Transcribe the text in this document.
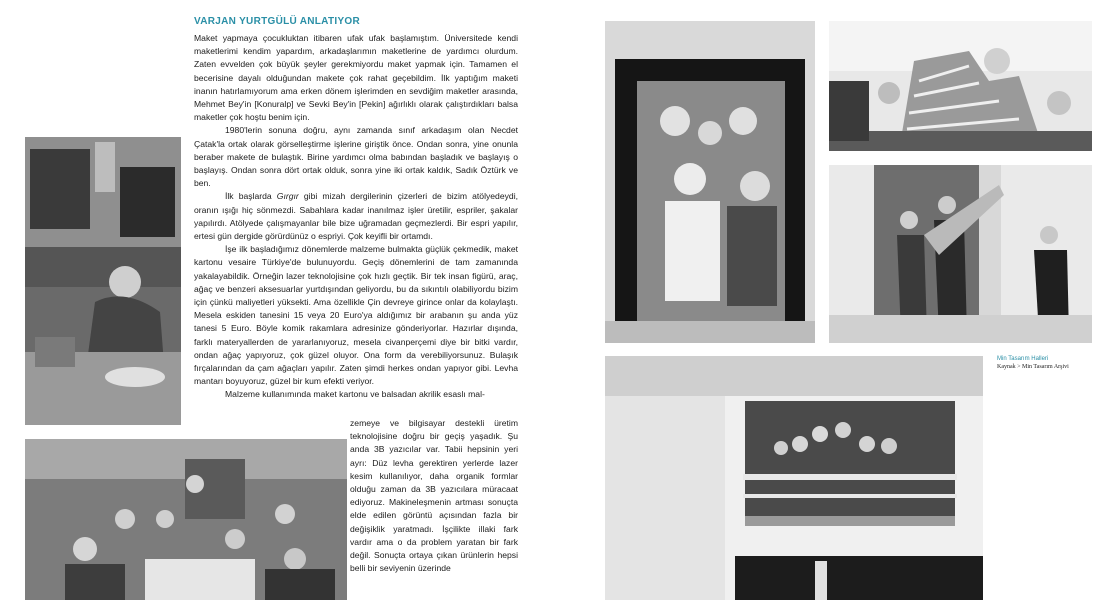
VARJAN YURTGÜLÜ ANLATIYOR

Maket yapmaya çocukluktan itibaren ufak ufak başlamıştım. Üniversitede kendi maketlerimi kendim yapardım, arkadaşlarımın maketlerine de yardımcı olurdum. Zaten evvelden çok büyük şeyler gerekmiyordu maket yapmak için. Tamamen el becerisine dayalı olduğundan makete çok rahat geçebildim. İlk yaptığım maketi inanın hatırlamıyorum ama erken dönem işlerimden en sevdiğim maketler arasında, Mehmet Bey'in [Konuralp] ve Sevki Bey'in [Pekin] ağırlıklı olarak çalıştırdıkları balsa maketler çok hoştu benim için.

1980'lerin sonuna doğru, aynı zamanda sınıf arkadaşım olan Necdet Çatak'la ortak olarak görselleştirme işlerine giriştik önce. Ondan sonra, yine onunla beraber makete de bulaştık. Birine yardımcı olma babından başladık ve başlayış o başlayış. Ondan sonra dört ortak olduk, sonra yine iki ortak kaldık, Sadık Öztürk ve ben.

İlk başlarda Gırgır gibi mizah dergilerinin çizerleri de bizim atölyedeydi, oranın ışığı hiç sönmezdi. Sabahlara kadar inanılmaz işler üretilir, espriler, şakalar yapılırdı. Atölyede çalışmayanlar bile bize uğramadan geçmezlerdi. Bir espri yapılır, ertesi gün dergide görürdünüz o espriyi. Çok keyifli bir ortamdı.

İşe ilk başladığımız dönemlerde malzeme bulmakta güçlük çekmedik, maket kartonu vesaire Türkiye'de bulunuyordu. Geçiş dönemlerini de tam zamanında yakalayabildik. Örneğin lazer teknolojisine çok hızlı geçtik. Bir tek insan figürü, araç, ağaç ve benzeri aksesuarlar yurtdışından geliyordu, bu da sıkıntılı olabiliyordu bizim için çünkü maliyetleri yüksekti. Ama özellikle Çin devreye girince onlar da kolaylaştı. Mesela eskiden tanesini 15 veya 20 Euro'ya aldığımız bir arabanın şu anda yüz tanesi 5 Euro. Böyle komik rakamlara adresinize gönderiyorlar. Hazırlar dışında, farklı materyallerden de yararlanıyoruz, mesela civanperçemi diye bir bitki vardır, ondan ağaç yapıyoruz, çok güzel oluyor. Ona form da verebiliyorsunuz. Bulaşık fırçalarından da çam ağaçları yapılır. Zaten şimdi herkes ondan yapıyor gibi. Levha mantarı boyuyoruz, güzel bir kum efekti veriyor.

Malzeme kullanımında maket kartonu ve balsadan akrilik esaslı mal-

zemeye ve bilgisayar destekli üretim teknolojisine doğru bir geçiş yaşadık. Şu anda 3B yazıcılar var. Tabii hepsinin yeri ayrı: Düz levha gerektiren yerlerde lazer kesim kullanılıyor, daha organik formlar olduğu zaman da 3B yazıcılara müracaat ediyoruz. Makineleşmenin artması sonuçta elde edilen görüntü açısından fazla bir değişiklik yaratmadı. İşçilikte illaki fark vardır ama o da problem yaratan bir fark değil. Sonuçta ortaya çıkan ürünlerin hepsi belli bir seviyenin üzerinde

Min Tasarım Halleri
Kaynak > Min Tasarım Arşivi
